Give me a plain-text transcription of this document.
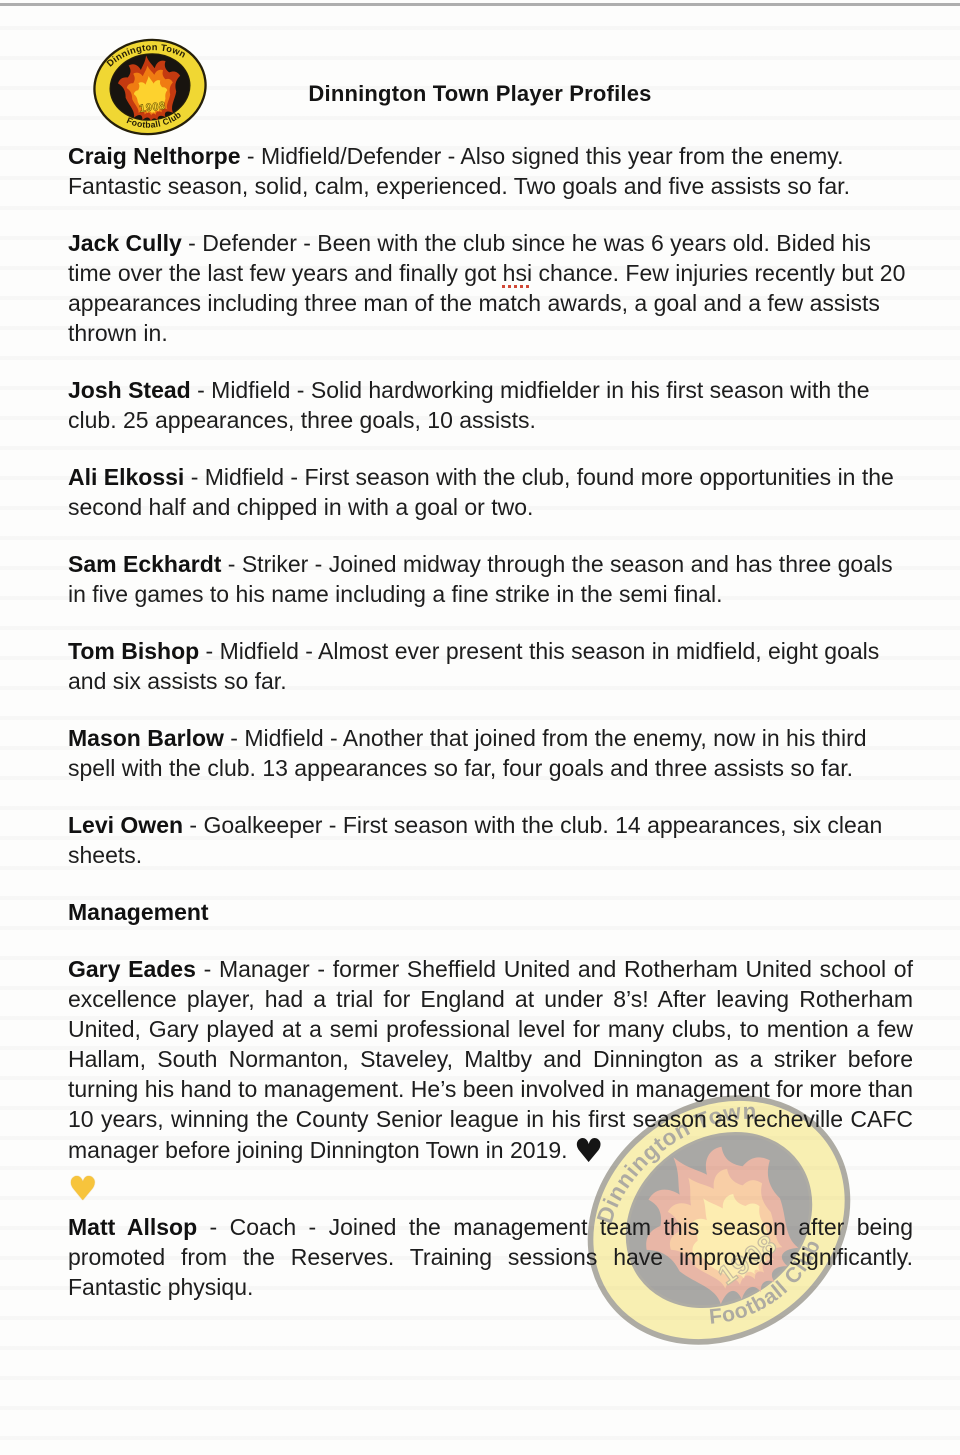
Dinnington Town Player Profiles

Craig Nelthorpe - Midfield/Defender - Also signed this year from the enemy. Fantastic season, solid, calm, experienced. Two goals and five assists so far.

Jack Cully - Defender - Been with the club since he was 6 years old. Bided his time over the last few years and finally got hsi chance. Few injuries recently but 20 appearances including three man of the match awards, a goal and a few assists thrown in.

Josh Stead - Midfield - Solid hardworking midfielder in his first season with the club. 25 appearances, three goals, 10 assists.

Ali Elkossi - Midfield - First season with the club, found more opportunities in the second half and chipped in with a goal or two.

Sam Eckhardt - Striker - Joined midway through the season and has three goals in five games to his name including a fine strike in the semi final.

Tom Bishop - Midfield - Almost ever present this season in midfield, eight goals and six assists so far.

Mason Barlow - Midfield - Another that joined from the enemy, now in his third spell with the club. 13 appearances so far, four goals and three assists so far.

Levi Owen - Goalkeeper - First season with the club. 14 appearances, six clean sheets.

Management

Gary Eades - Manager - former Sheffield United and Rotherham United school of excellence player, had a trial for England at under 8’s! After leaving Rotherham United, Gary played at a semi professional level for many clubs, to mention a few Hallam, South Normanton, Staveley, Maltby and Dinnington as a striker before turning his hand to management. He’s been involved in management for more than 10 years, winning the County Senior league in his first season as recheville CAFC manager before joining Dinnington Town in 2019. ♥

♥

Matt Allsop - Coach - Joined the management team this season after being promoted from the Reserves. Training sessions have improved significantly. Fantastic physiqu.
